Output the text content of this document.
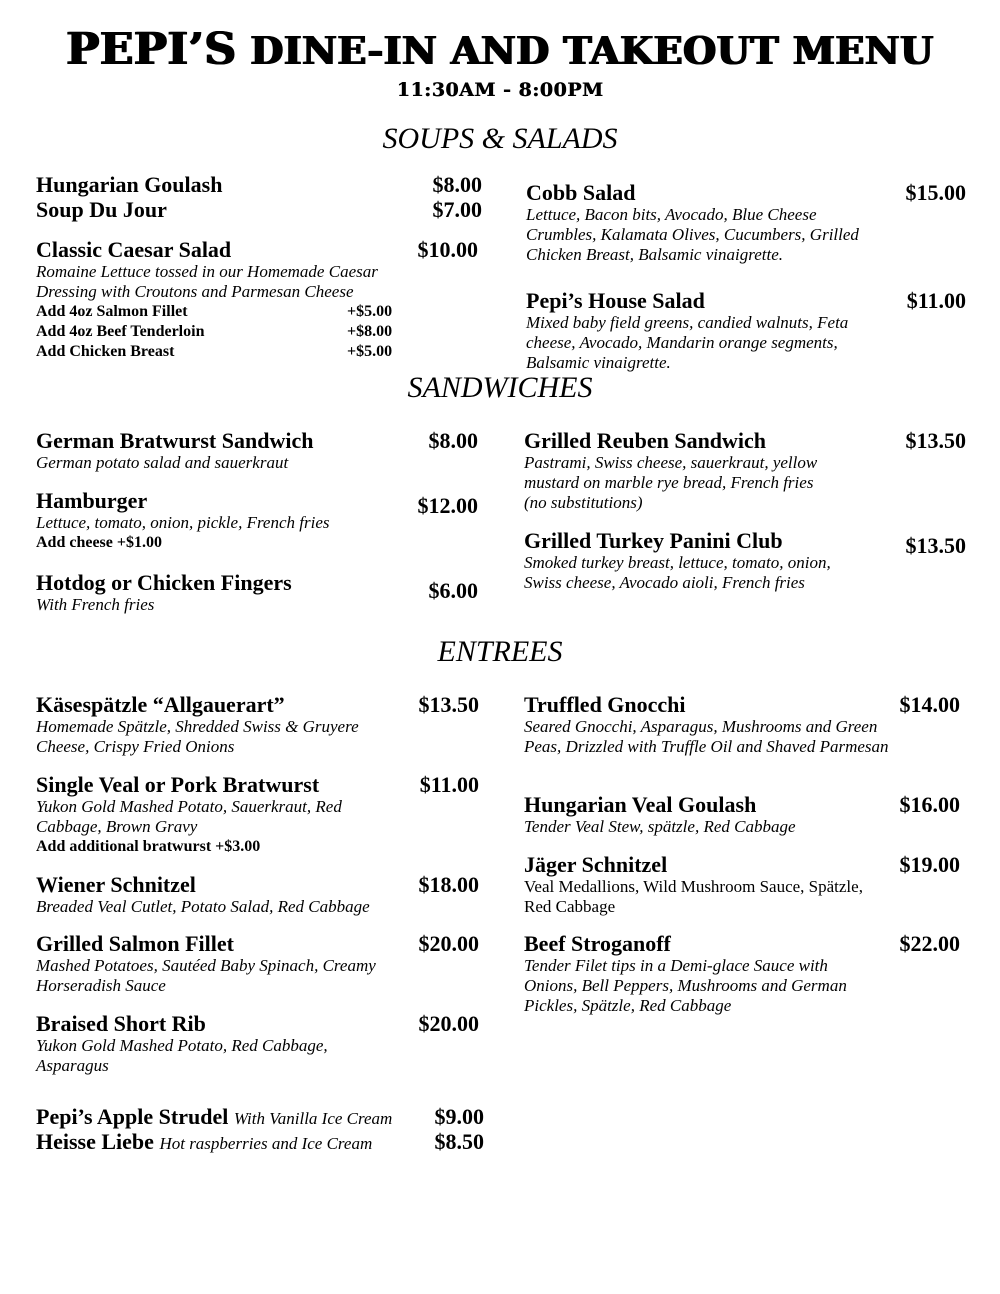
PEPI’S DINE-IN AND TAKEOUT MENU
11:30AM - 8:00PM
SOUPS & SALADS
Hungarian Goulash	$8.00
Soup Du Jour	$7.00
Classic Caesar Salad	$10.00
Romaine Lettuce tossed in our Homemade Caesar Dressing with Croutons and Parmesan Cheese
Add 4oz Salmon Fillet	+$5.00
Add 4oz Beef Tenderloin	+$8.00
Add Chicken Breast	+$5.00
Cobb Salad	$15.00
Lettuce, Bacon bits, Avocado, Blue Cheese Crumbles, Kalamata Olives, Cucumbers, Grilled Chicken Breast, Balsamic vinaigrette.
Pepi’s House Salad	$11.00
Mixed baby field greens, candied walnuts, Feta cheese, Avocado, Mandarin orange segments, Balsamic vinaigrette.
SANDWICHES
German Bratwurst Sandwich	$8.00
German potato salad and sauerkraut
Hamburger	$12.00
Lettuce, tomato, onion, pickle, French fries
Add cheese +$1.00
Hotdog or Chicken Fingers	$6.00
With French fries
Grilled Reuben Sandwich	$13.50
Pastrami, Swiss cheese, sauerkraut, yellow mustard on marble rye bread, French fries
(no substitutions)
Grilled Turkey Panini Club	$13.50
Smoked turkey breast, lettuce, tomato, onion, Swiss cheese, Avocado aioli, French fries
ENTREES
Käsespätzle “Allgauerart”	$13.50
Homemade Spätzle, Shredded Swiss & Gruyere Cheese, Crispy Fried Onions
Single Veal or Pork Bratwurst	$11.00
Yukon Gold Mashed Potato, Sauerkraut, Red Cabbage, Brown Gravy
Add additional bratwurst +$3.00
Wiener Schnitzel	$18.00
Breaded Veal Cutlet, Potato Salad, Red Cabbage
Grilled Salmon Fillet	$20.00
Mashed Potatoes, Sautéed Baby Spinach, Creamy Horseradish Sauce
Braised Short Rib	$20.00
Yukon Gold Mashed Potato, Red Cabbage, Asparagus
Truffled Gnocchi	$14.00
Seared Gnocchi, Asparagus, Mushrooms and Green Peas, Drizzled with Truffle Oil and Shaved Parmesan
Hungarian Veal Goulash	$16.00
Tender Veal Stew, spätzle, Red Cabbage
Jäger Schnitzel	$19.00
Veal Medallions, Wild Mushroom Sauce, Spätzle, Red Cabbage
Beef Stroganoff	$22.00
Tender Filet tips in a Demi-glace Sauce with Onions, Bell Peppers, Mushrooms and German Pickles, Spätzle, Red Cabbage
Pepi’s Apple Strudel With Vanilla Ice Cream	$9.00
Heisse Liebe Hot raspberries and Ice Cream	$8.50
